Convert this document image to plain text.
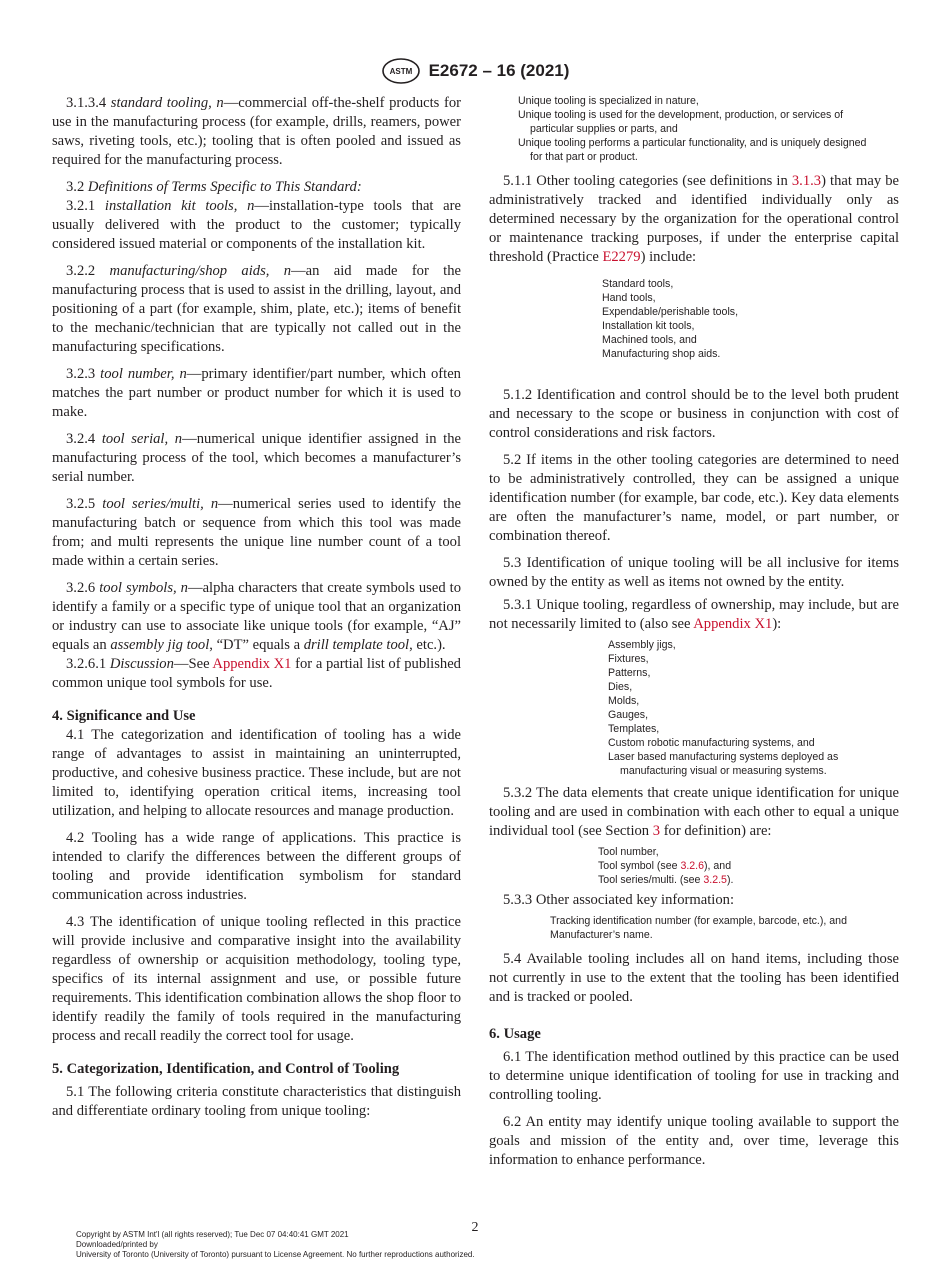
ASTM E2672 – 16 (2021)

3.1.3.4 standard tooling, n—commercial off-the-shelf products for use in the manufacturing process (for example, drills, reamers, power saws, riveting tools, etc.); tooling that is often pooled and issued as required for the manufacturing process.

3.2 Definitions of Terms Specific to This Standard:

3.2.1 installation kit tools, n—installation-type tools that are usually delivered with the product to the customer; typically considered issued material or components of the installation kit.

3.2.2 manufacturing/shop aids, n—an aid made for the manufacturing process that is used to assist in the drilling, layout, and positioning of a part (for example, shim, plate, etc.); items of benefit to the mechanic/technician that are typically not called out in the manufacturing specifications.

3.2.3 tool number, n—primary identifier/part number, which often matches the part number or product number for which it is used to make.

3.2.4 tool serial, n—numerical unique identifier assigned in the manufacturing process of the tool, which becomes a manufacturer’s serial number.

3.2.5 tool series/multi, n—numerical series used to identify the manufacturing batch or sequence from which this tool was made from; and multi represents the unique line number count of a tool made within a certain series.

3.2.6 tool symbols, n—alpha characters that create symbols used to identify a family or a specific type of unique tool that an organization or industry can use to associate like unique tools (for example, “AJ” equals an assembly jig tool, “DT” equals a drill template tool, etc.).

3.2.6.1 Discussion—See Appendix X1 for a partial list of published common unique tool symbols for use.

4. Significance and Use

4.1 The categorization and identification of tooling has a wide range of advantages to assist in maintaining an uninterrupted, productive, and cohesive business practice. These include, but are not limited to, identifying operation critical items, increasing tool utilization, and helping to allocate resources and manage production.

4.2 Tooling has a wide range of applications. This practice is intended to clarify the differences between the different groups of tooling and provide identification symbolism for standard communication across industries.

4.3 The identification of unique tooling reflected in this practice will provide inclusive and comparative insight into the availability regardless of ownership or acquisition methodology, tooling type, specifics of its internal assignment and use, or possible future requirements. This identification combination allows the shop floor to identify readily the family of tools required in the manufacturing process and recall readily the correct tool for usage.

5. Categorization, Identification, and Control of Tooling

5.1 The following criteria constitute characteristics that distinguish and differentiate ordinary tooling from unique tooling:

Unique tooling is specialized in nature,
Unique tooling is used for the development, production, or services of particular supplies or parts, and
Unique tooling performs a particular functionality, and is uniquely designed for that part or product.

5.1.1 Other tooling categories (see definitions in 3.1.3) that may be administratively tracked and identified individually only as determined necessary by the organization for the operational control or maintenance tracking purposes, if under the enterprise capital threshold (Practice E2279) include:

Standard tools,
Hand tools,
Expendable/perishable tools,
Installation kit tools,
Machined tools, and
Manufacturing shop aids.

5.1.2 Identification and control should be to the level both prudent and necessary to the scope or business in conjunction with cost of control considerations and risk factors.

5.2 If items in the other tooling categories are determined to need to be administratively controlled, they can be assigned a unique identification number (for example, bar code, etc.). Key data elements are often the manufacturer’s name, model, or part number, or combination thereof.

5.3 Identification of unique tooling will be all inclusive for items owned by the entity as well as items not owned by the entity.

5.3.1 Unique tooling, regardless of ownership, may include, but are not necessarily limited to (also see Appendix X1):

Assembly jigs,
Fixtures,
Patterns,
Dies,
Molds,
Gauges,
Templates,
Custom robotic manufacturing systems, and
Laser based manufacturing systems deployed as manufacturing visual or measuring systems.

5.3.2 The data elements that create unique identification for unique tooling and are used in combination with each other to equal a unique individual tool (see Section 3 for definition) are:

Tool number,
Tool symbol (see 3.2.6), and
Tool series/multi. (see 3.2.5).

5.3.3 Other associated key information:

Tracking identification number (for example, barcode, etc.), and Manufacturer’s name.

5.4 Available tooling includes all on hand items, including those not currently in use to the extent that the tooling has been identified and is tracked or pooled.

6. Usage

6.1 The identification method outlined by this practice can be used to determine unique identification of tooling for use in tracking and controlling tooling.

6.2 An entity may identify unique tooling available to support the goals and mission of the entity and, over time, leverage this information to enhance performance.

2
Copyright by ASTM Int'l (all rights reserved); Tue Dec 07 04:40:41 GMT 2021
Downloaded/printed by
University of Toronto (University of Toronto) pursuant to License Agreement. No further reproductions authorized.
